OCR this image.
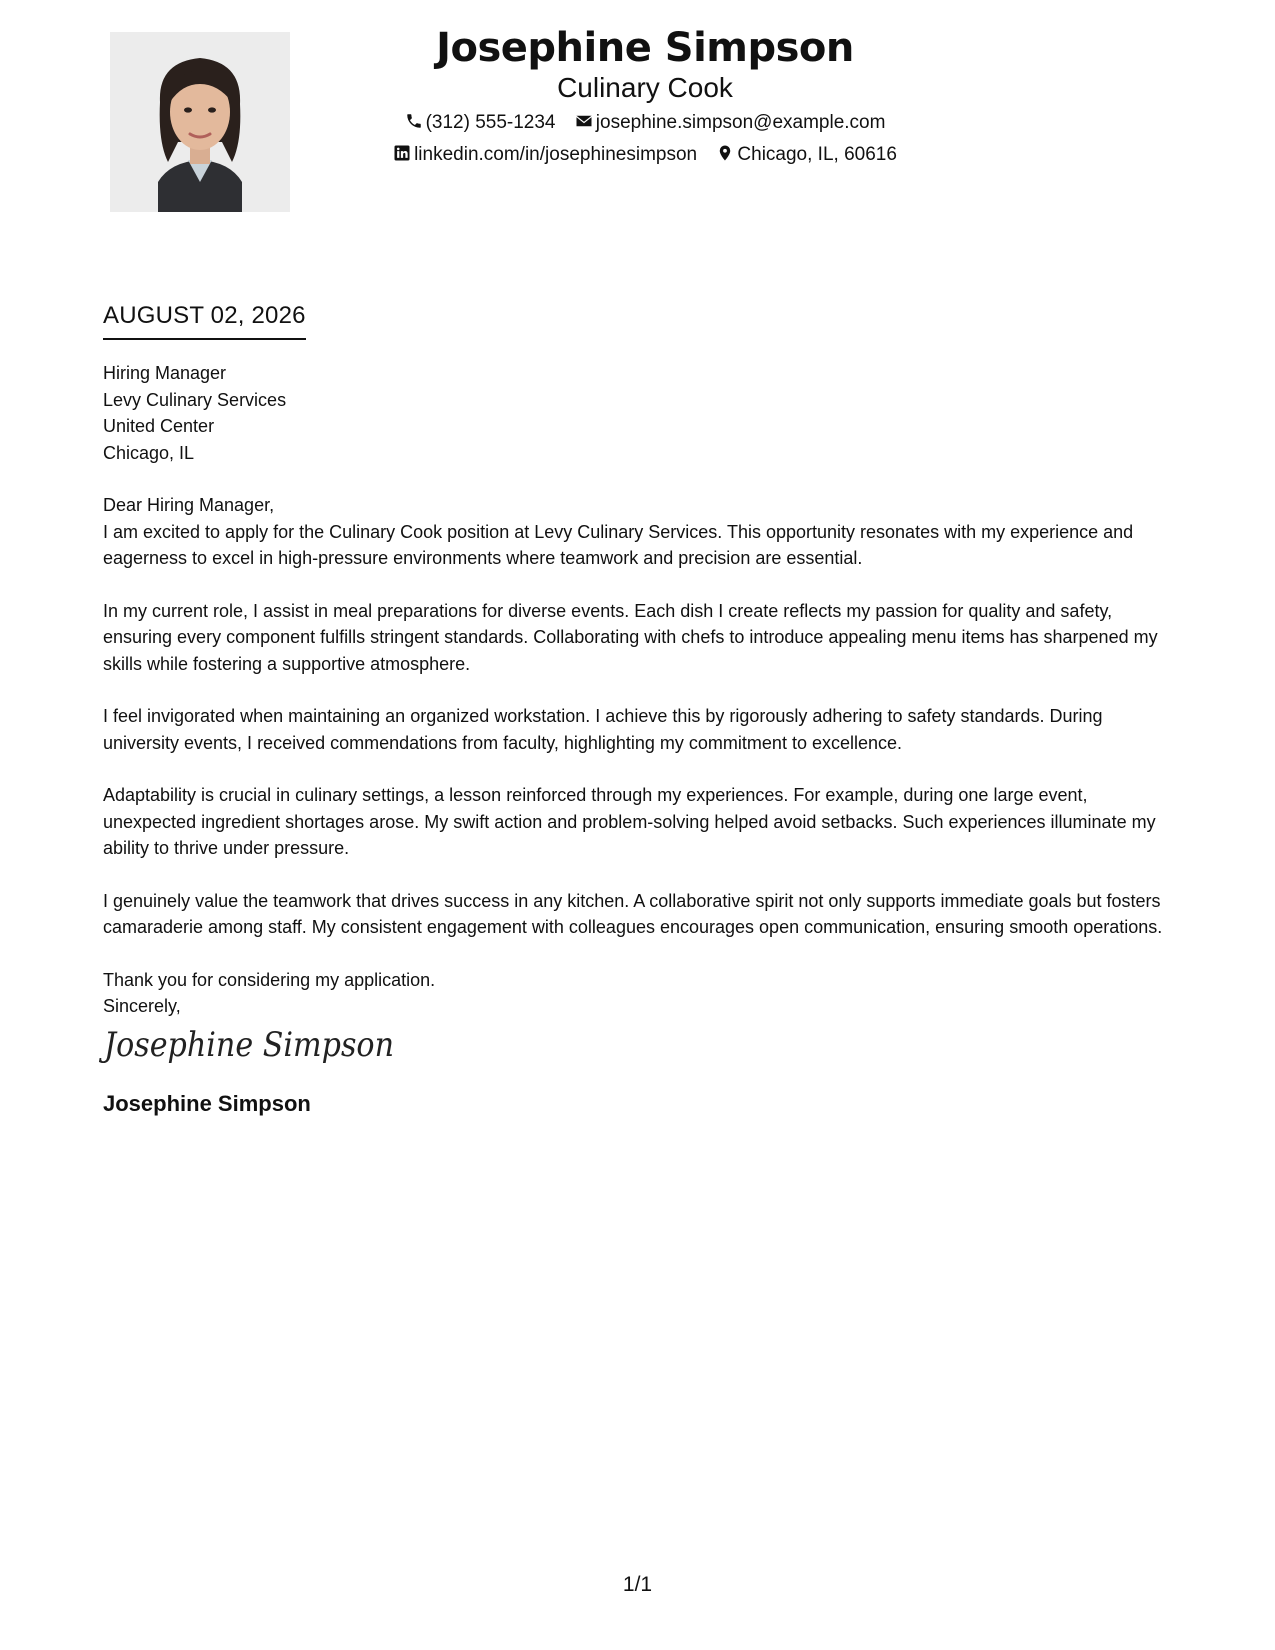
Josephine Simpson
Culinary Cook
(312) 555-1234 josephine.simpson@example.com
linkedin.com/in/josephinesimpson Chicago, IL, 60616
AUGUST 02, 2026
Hiring Manager
Levy Culinary Services
United Center
Chicago, IL

Dear Hiring Manager,

I am excited to apply for the Culinary Cook position at Levy Culinary Services. This opportunity resonates with my experience and eagerness to excel in high-pressure environments where teamwork and precision are essential.

In my current role, I assist in meal preparations for diverse events. Each dish I create reflects my passion for quality and safety, ensuring every component fulfills stringent standards. Collaborating with chefs to introduce appealing menu items has sharpened my skills while fostering a supportive atmosphere.

I feel invigorated when maintaining an organized workstation. I achieve this by rigorously adhering to safety standards. During university events, I received commendations from faculty, highlighting my commitment to excellence.

Adaptability is crucial in culinary settings, a lesson reinforced through my experiences. For example, during one large event, unexpected ingredient shortages arose. My swift action and problem-solving helped avoid setbacks. Such experiences illuminate my ability to thrive under pressure.

I genuinely value the teamwork that drives success in any kitchen. A collaborative spirit not only supports immediate goals but fosters camaraderie among staff. My consistent engagement with colleagues encourages open communication, ensuring smooth operations.

Thank you for considering my application.

Sincerely,

Josephine Simpson
Josephine Simpson
1/1
